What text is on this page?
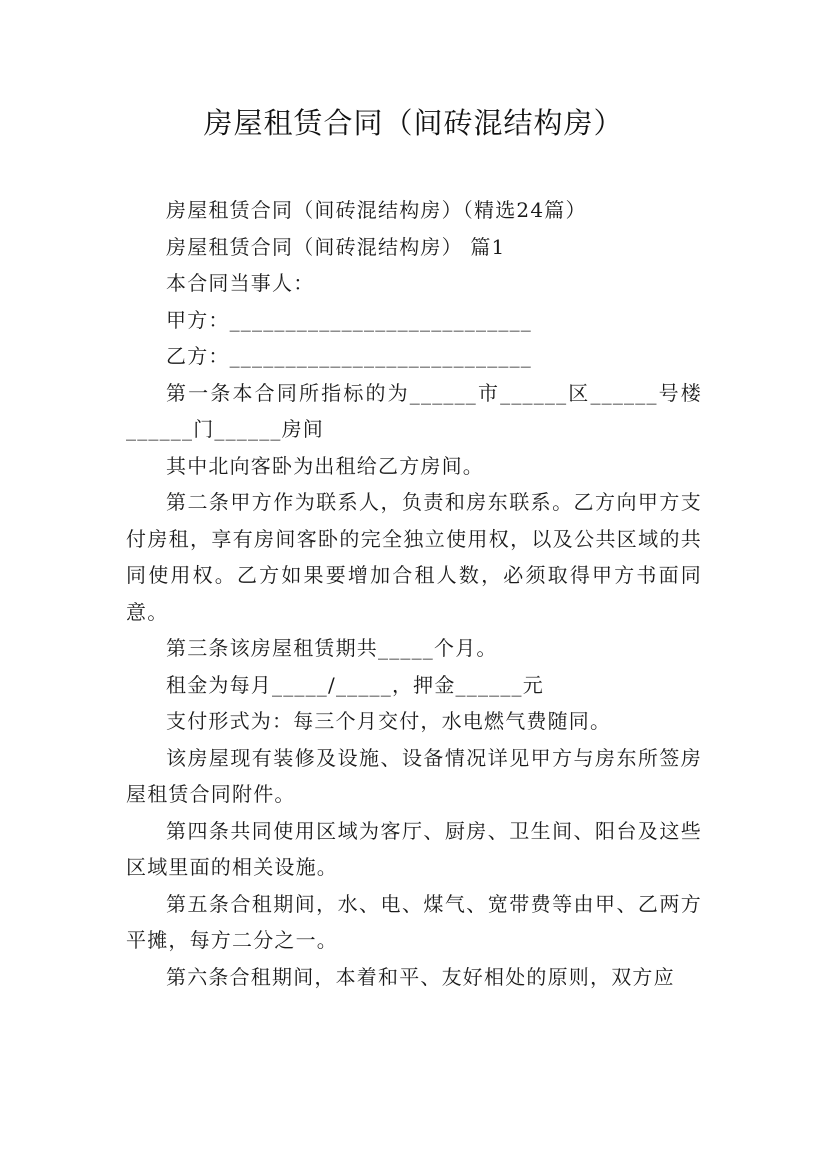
房屋租赁合同（间砖混结构房）

房屋租赁合同（间砖混结构房）（精选24篇）

房屋租赁合同（间砖混结构房） 篇1

本合同当事人：

甲方：___________________________

乙方：___________________________

第一条本合同所指标的为______市______区______号楼______门______房间

其中北向客卧为出租给乙方房间。

第二条甲方作为联系人，负责和房东联系。乙方向甲方支付房租，享有房间客卧的完全独立使用权，以及公共区域的共同使用权。乙方如果要增加合租人数，必须取得甲方书面同意。

第三条该房屋租赁期共_____个月。

租金为每月_____/_____，押金______元

支付形式为：每三个月交付，水电燃气费随同。

该房屋现有装修及设施、设备情况详见甲方与房东所签房屋租赁合同附件。

第四条共同使用区域为客厅、厨房、卫生间、阳台及这些区域里面的相关设施。

第五条合租期间，水、电、煤气、宽带费等由甲、乙两方平摊，每方二分之一。

第六条合租期间，本着和平、友好相处的原则，双方应
